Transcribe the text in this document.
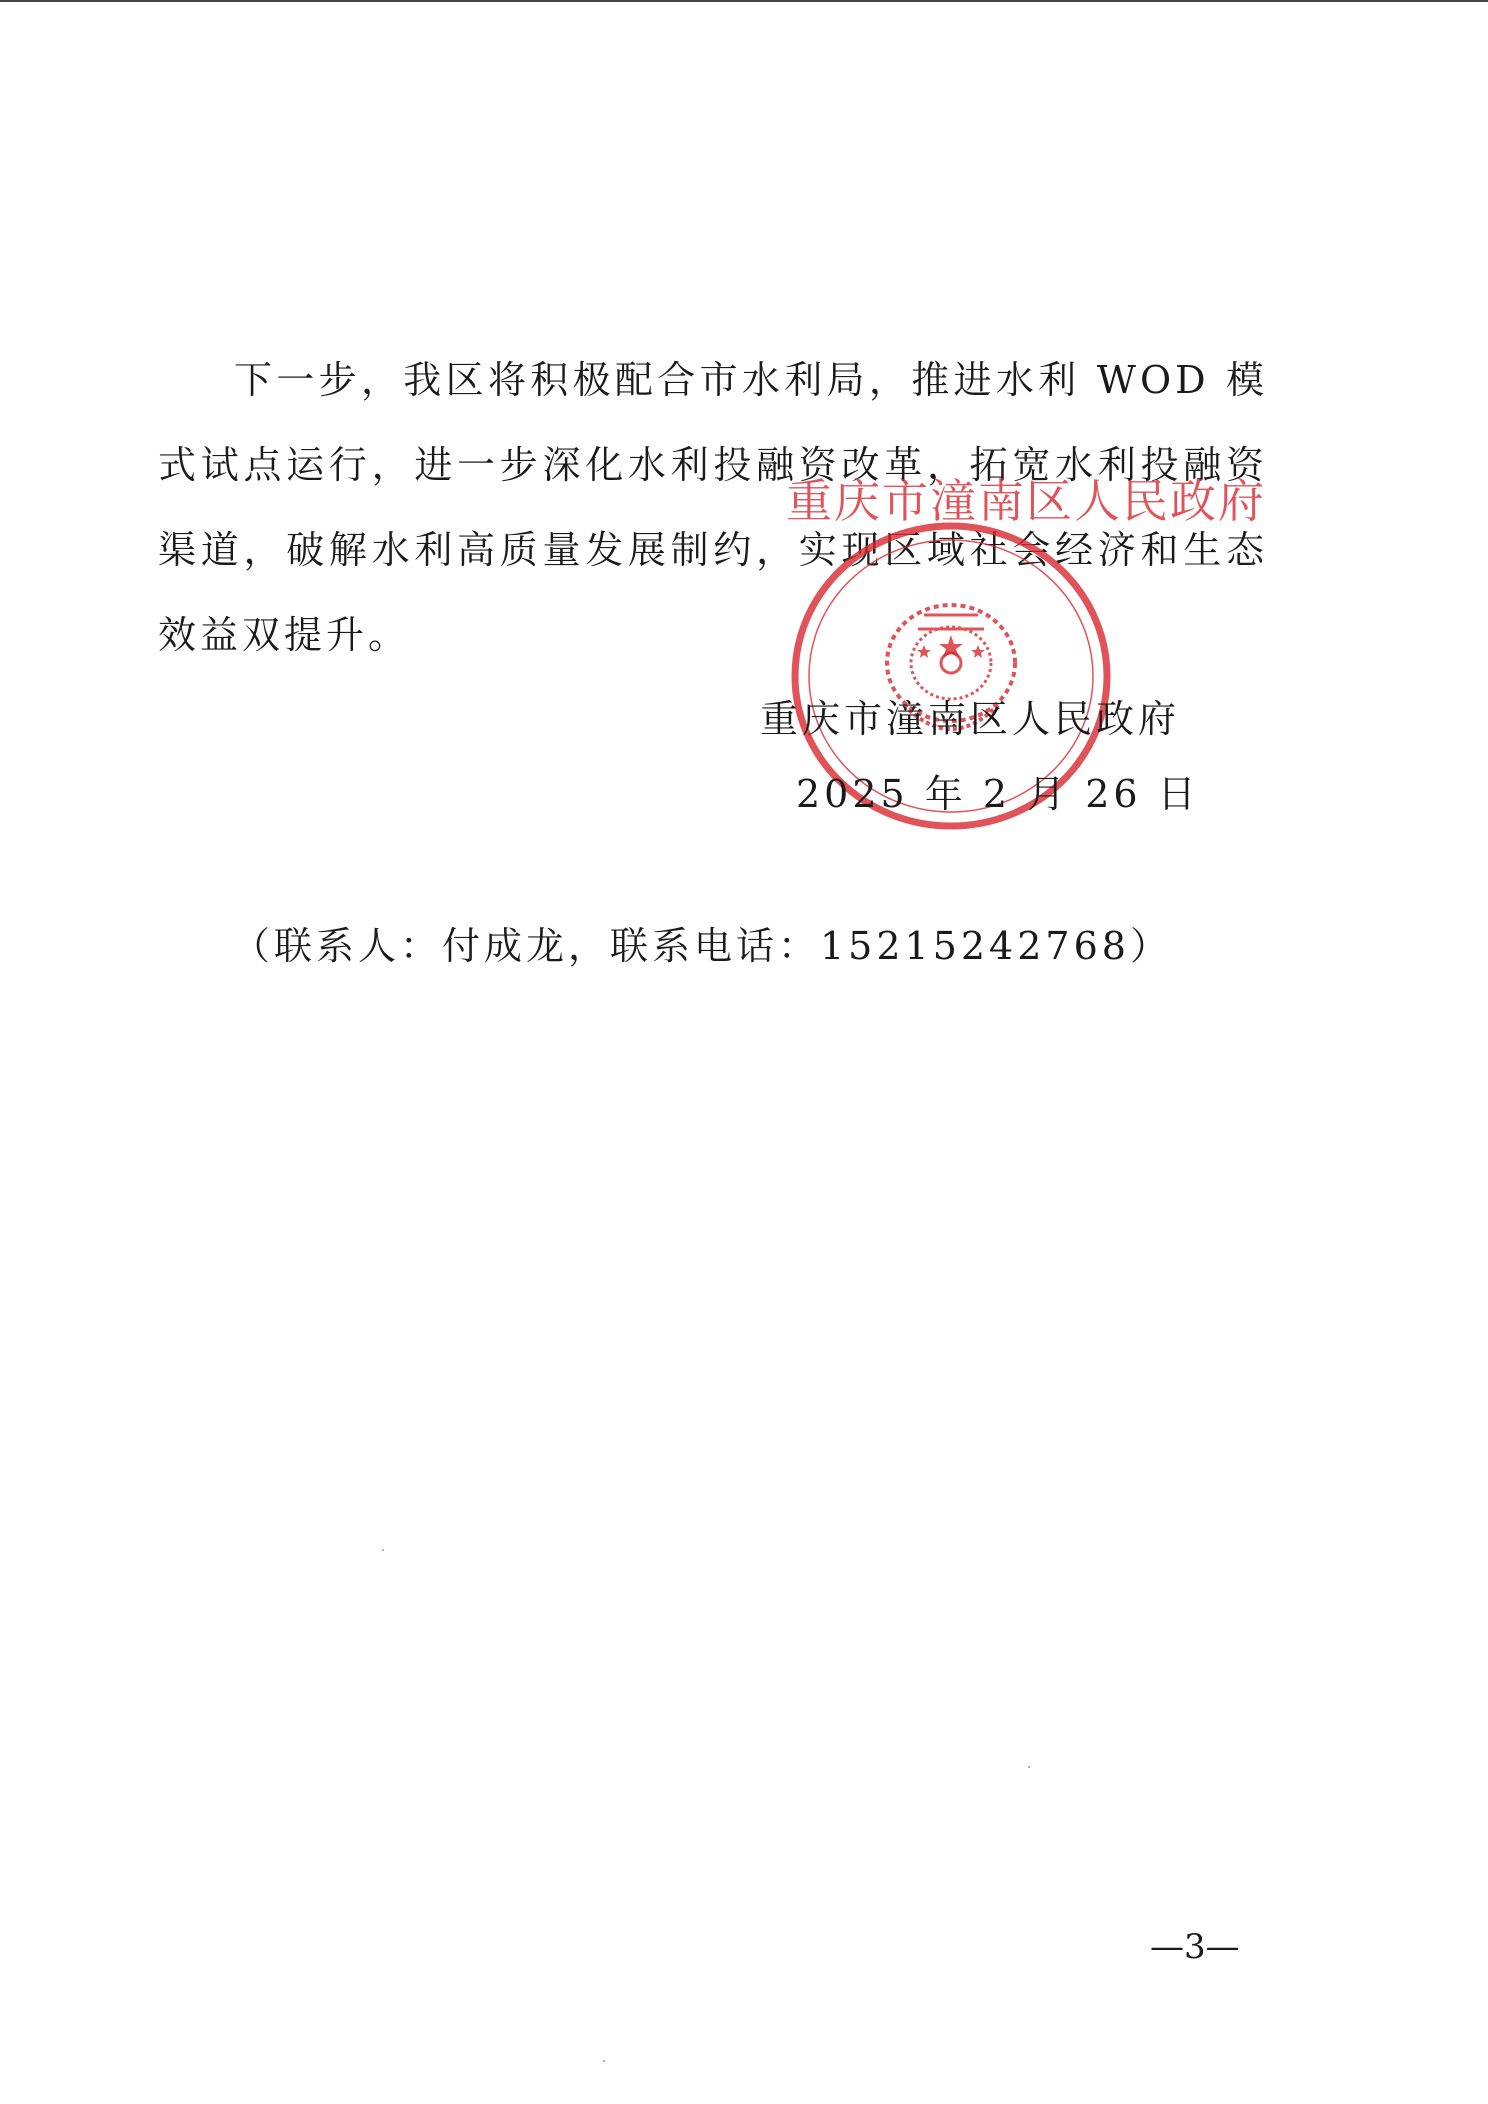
下一步，我区将积极配合市水利局，推进水利 WOD 模式试点运行，进一步深化水利投融资改革，拓宽水利投融资渠道，破解水利高质量发展制约，实现区域社会经济和生态效益双提升。

重庆市潼南区人民政府
重庆市潼南区人民政府
2025 年 2 月 26 日
（联系人：付成龙，联系电话：15215242768）
—3—
